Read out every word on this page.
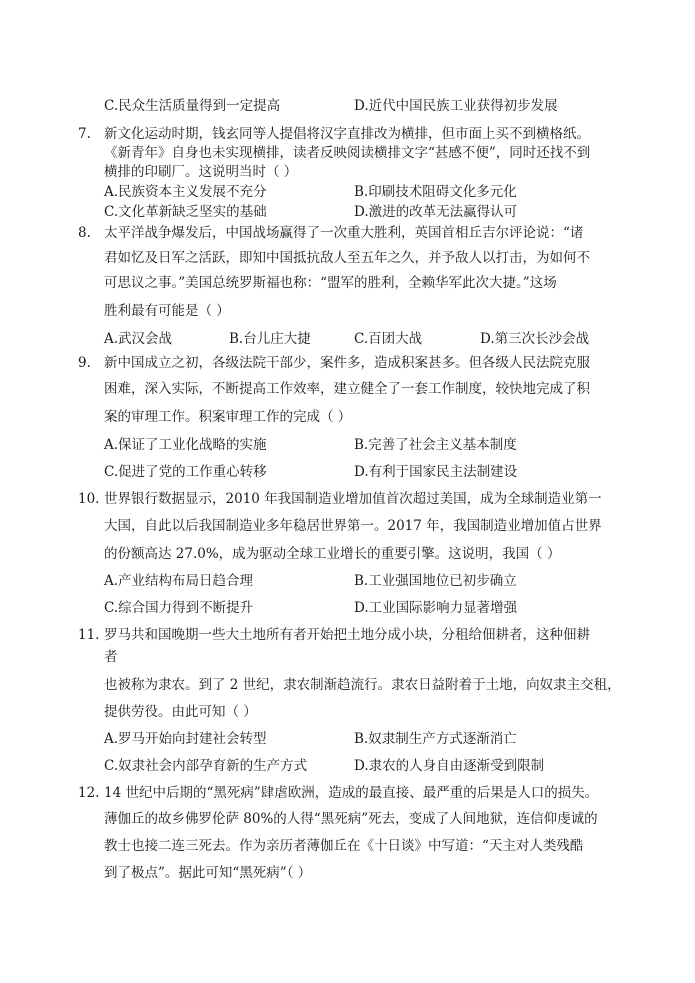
C.民众生活质量得到一定提高	D.近代中国民族工业获得初步发展
7. 新文化运动时期，钱玄同等人提倡将汉字直排改为横排，但市面上买不到横格纸。
《新青年》自身也未实现横排，读者反映阅读横排文字“甚感不便”，同时还找不到
横排的印刷厂。这说明当时（ ）
A.民族资本主义发展不充分	B.印刷技术阻碍文化多元化
C.文化革新缺乏坚实的基础	D.激进的改革无法赢得认可
8. 太平洋战争爆发后，中国战场赢得了一次重大胜利，英国首相丘吉尔评论说：“诸
君如忆及日军之活跃，即知中国抵抗敌人至五年之久，并予敌人以打击，为如何不
可思议之事。”美国总统罗斯福也称：“盟军的胜利，全赖华军此次大捷。”这场
胜利最有可能是（ ）
A.武汉会战	B.台儿庄大捷	C.百团大战	D.第三次长沙会战
9. 新中国成立之初，各级法院干部少，案件多，造成积案甚多。但各级人民法院克服
困难，深入实际，不断提高工作效率，建立健全了一套工作制度，较快地完成了积
案的审理工作。积案审理工作的完成（ ）
A.保证了工业化战略的实施	B.完善了社会主义基本制度
C.促进了党的工作重心转移	D.有利于国家民主法制建设
10. 世界银行数据显示，2010 年我国制造业增加值首次超过美国，成为全球制造业第一
大国，自此以后我国制造业多年稳居世界第一。2017 年，我国制造业增加值占世界
的份额高达 27.0%，成为驱动全球工业增长的重要引擎。这说明，我国（ ）
A.产业结构布局日趋合理	B.工业强国地位已初步确立
C.综合国力得到不断提升	D.工业国际影响力显著增强
11. 罗马共和国晚期一些大土地所有者开始把土地分成小块，分租给佃耕者，这种佃耕
者
也被称为隶农。到了 2 世纪，隶农制渐趋流行。隶农日益附着于土地，向奴隶主交租，
提供劳役。由此可知（ ）
A.罗马开始向封建社会转型	B.奴隶制生产方式逐渐消亡
C.奴隶社会内部孕育新的生产方式	D.隶农的人身自由逐渐受到限制
12. 14 世纪中后期的“黑死病”肆虐欧洲，造成的最直接、最严重的后果是人口的损失。
薄伽丘的故乡佛罗伦萨 80%的人得“黑死病”死去，变成了人间地狱，连信仰虔诚的
教士也接二连三死去。作为亲历者薄伽丘在《十日谈》中写道：“天主对人类残酷
到了极点”。据此可知“黑死病”（ ）
